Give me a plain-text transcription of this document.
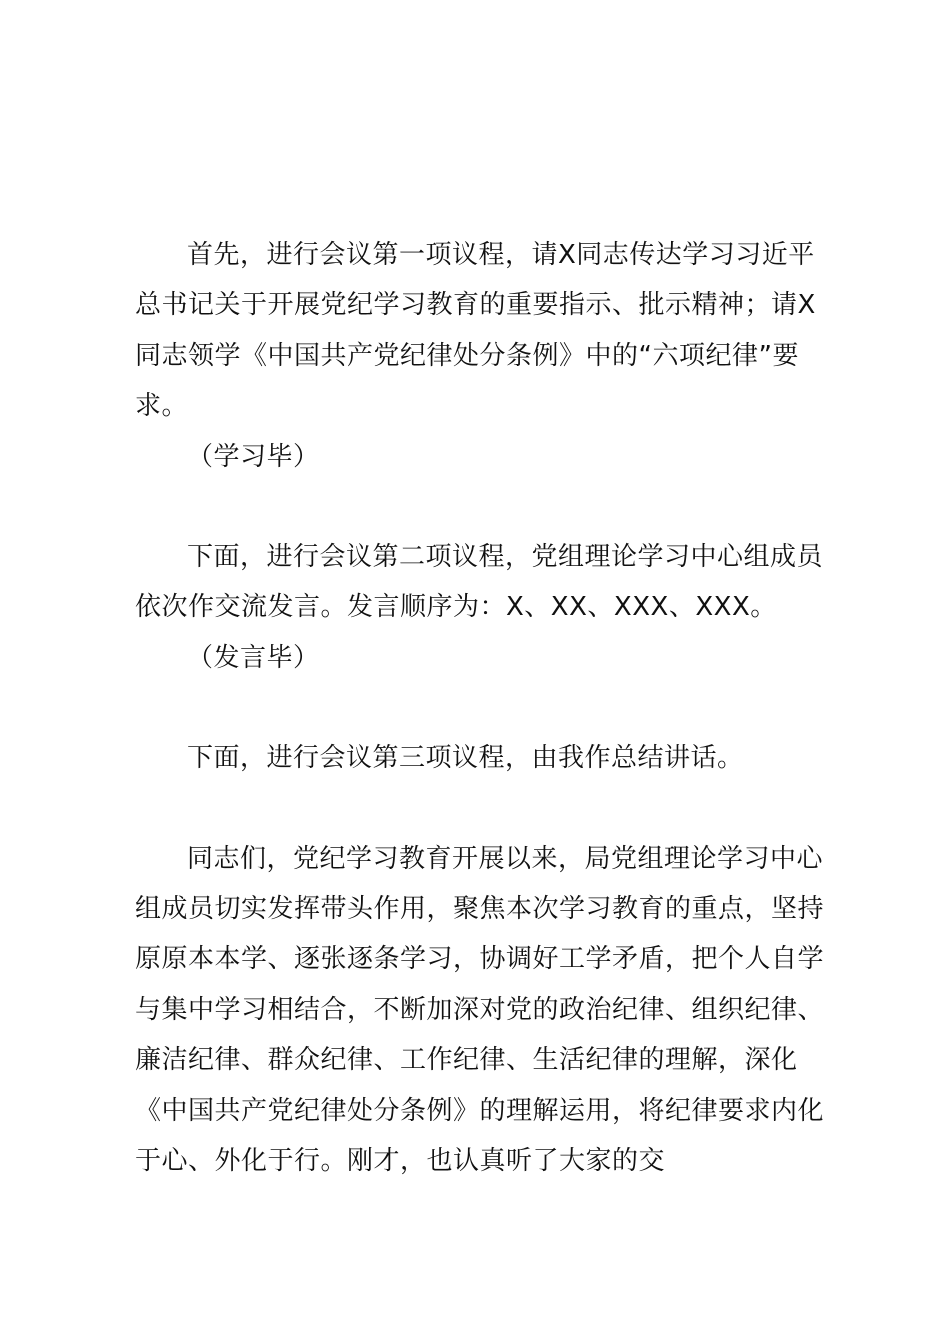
首先，进行会议第一项议程，请X同志传达学习习近平总书记关于开展党纪学习教育的重要指示、批示精神；请X同志领学《中国共产党纪律处分条例》中的“六项纪律”要求。

（学习毕）

下面，进行会议第二项议程，党组理论学习中心组成员依次作交流发言。发言顺序为：X、XX、XXX、XXX。

（发言毕）

下面，进行会议第三项议程，由我作总结讲话。

同志们，党纪学习教育开展以来，局党组理论学习中心组成员切实发挥带头作用，聚焦本次学习教育的重点，坚持原原本本学、逐张逐条学习，协调好工学矛盾，把个人自学与集中学习相结合，不断加深对党的政治纪律、组织纪律、廉洁纪律、群众纪律、工作纪律、生活纪律的理解，深化《中国共产党纪律处分条例》的理解运用，将纪律要求内化于心、外化于行。刚才，也认真听了大家的交
